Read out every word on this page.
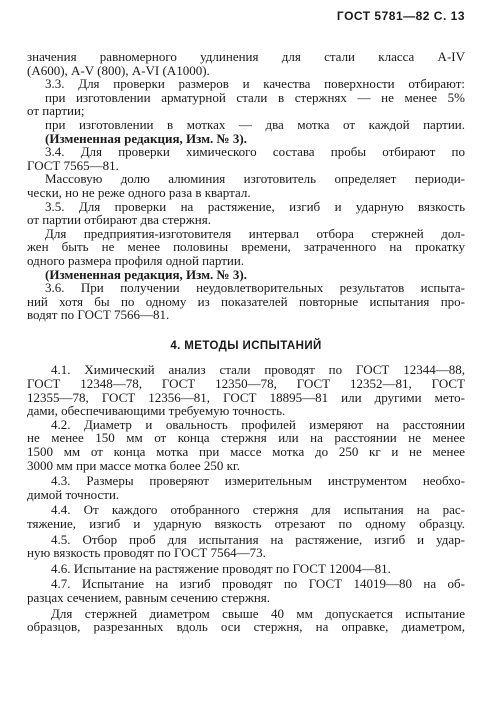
ГОСТ 5781—82 С. 13
значения равномерного удлинения для стали класса А-IV
(А600), А-V (800), А-VI (А1000).
3.3. Для проверки размеров и качества поверхности отбирают:
при изготовлении арматурной стали в стержнях — не менее 5%
от партии;
при изготовлении в мотках — два мотка от каждой партии.
(Измененная редакция, Изм. № 3).
3.4. Для проверки химического состава пробы отбирают по
ГОСТ 7565—81.
Массовую долю алюминия изготовитель определяет периоди-
чески, но не реже одного раза в квартал.
3.5. Для проверки на растяжение, изгиб и ударную вязкость
от партии отбирают два стержня.
Для предприятия-изготовителя интервал отбора стержней дол-
жен быть не менее половины времени, затраченного на прокатку
одного размера профиля одной партии.
(Измененная редакция, Изм. № 3).
3.6. При получении неудовлетворительных результатов испыта-
ний хотя бы по одному из показателей повторные испытания про-
водят по ГОСТ 7566—81.
4. МЕТОДЫ ИСПЫТАНИЙ
4.1. Химический анализ стали проводят по ГОСТ 12344—88,
ГОСТ 12348—78, ГОСТ 12350—78, ГОСТ 12352—81, ГОСТ
12355—78, ГОСТ 12356—81, ГОСТ 18895—81 или другими мето-
дами, обеспечивающими требуемую точность.
4.2. Диаметр и овальность профилей измеряют на расстоянии
не менее 150 мм от конца стержня или на расстоянии не менее
1500 мм от конца мотка при массе мотка до 250 кг и не менее
3000 мм при массе мотка более 250 кг.
4.3. Размеры проверяют измерительным инструментом необхо-
димой точности.
4.4. От каждого отобранного стержня для испытания на рас-
тяжение, изгиб и ударную вязкость отрезают по одному образцу.
4.5. Отбор проб для испытания на растяжение, изгиб и удар-
ную вязкость проводят по ГОСТ 7564—73.
4.6. Испытание на растяжение проводят по ГОСТ 12004—81.
4.7. Испытание на изгиб проводят по ГОСТ 14019—80 на об-
разцах сечением, равным сечению стержня.
Для стержней диаметром свыше 40 мм допускается испытание
образцов, разрезанных вдоль оси стержня, на оправке, диаметром,
